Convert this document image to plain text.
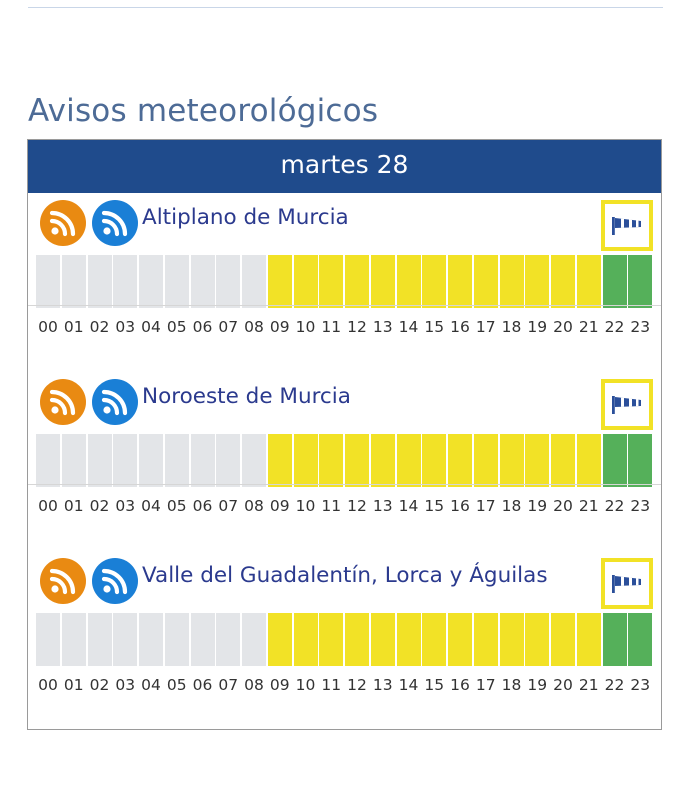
Avisos meteorológicos
martes 28
Altiplano de Murcia
00 01 02 03 04 05 06 07 08 09 10 11 12 13 14 15 16 17 18 19 20 21 22 23
Noroeste de Murcia
00 01 02 03 04 05 06 07 08 09 10 11 12 13 14 15 16 17 18 19 20 21 22 23
Valle del Guadalentín, Lorca y Águilas
00 01 02 03 04 05 06 07 08 09 10 11 12 13 14 15 16 17 18 19 20 21 22 23
